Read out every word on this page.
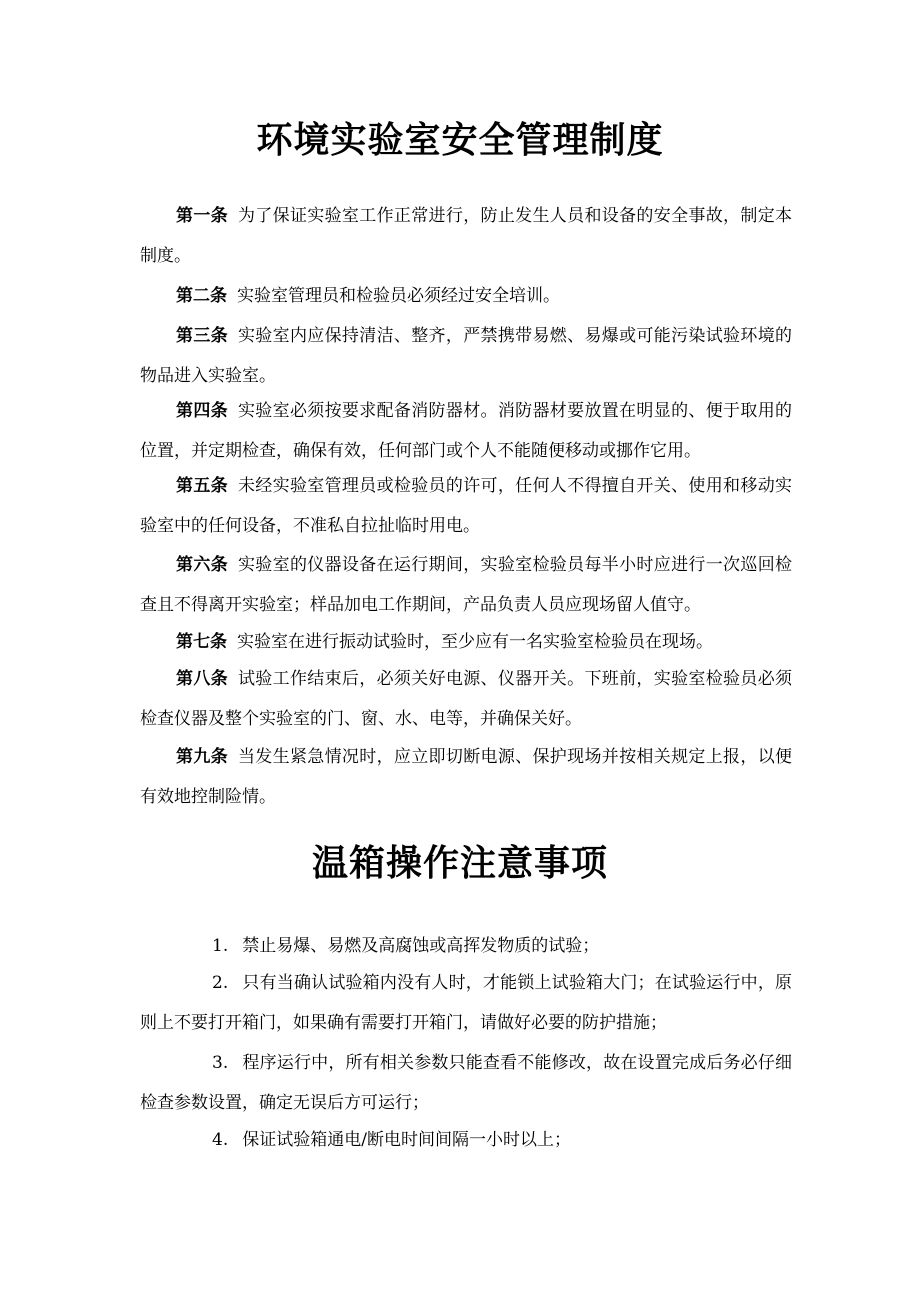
环境实验室安全管理制度

第一条 为了保证实验室工作正常进行，防止发生人员和设备的安全事故，制定本制度。

第二条 实验室管理员和检验员必须经过安全培训。

第三条 实验室内应保持清洁、整齐，严禁携带易燃、易爆或可能污染试验环境的物品进入实验室。

第四条 实验室必须按要求配备消防器材。消防器材要放置在明显的、便于取用的位置，并定期检查，确保有效，任何部门或个人不能随便移动或挪作它用。

第五条 未经实验室管理员或检验员的许可，任何人不得擅自开关、使用和移动实验室中的任何设备，不准私自拉扯临时用电。

第六条 实验室的仪器设备在运行期间，实验室检验员每半小时应进行一次巡回检查且不得离开实验室；样品加电工作期间，产品负责人员应现场留人值守。

第七条 实验室在进行振动试验时，至少应有一名实验室检验员在现场。

第八条 试验工作结束后，必须关好电源、仪器开关。下班前，实验室检验员必须检查仪器及整个实验室的门、窗、水、电等，并确保关好。

第九条 当发生紧急情况时，应立即切断电源、保护现场并按相关规定上报，以便有效地控制险情。

温箱操作注意事项

1. 禁止易爆、易燃及高腐蚀或高挥发物质的试验；

2. 只有当确认试验箱内没有人时，才能锁上试验箱大门；在试验运行中，原则上不要打开箱门，如果确有需要打开箱门，请做好必要的防护措施；

3. 程序运行中，所有相关参数只能查看不能修改，故在设置完成后务必仔细检查参数设置，确定无误后方可运行；

4. 保证试验箱通电/断电时间间隔一小时以上；
